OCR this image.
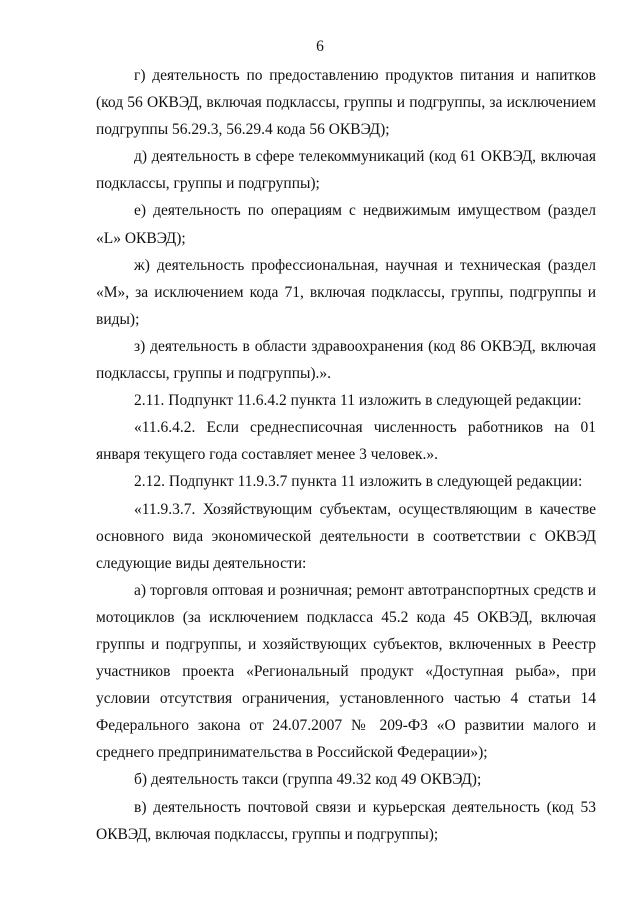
6

г) деятельность по предоставлению продуктов питания и напитков (код 56 ОКВЭД, включая подклассы, группы и подгруппы, за исключением подгруппы 56.29.3, 56.29.4 кода 56 ОКВЭД);

д) деятельность в сфере телекоммуникаций (код 61 ОКВЭД, включая подклассы, группы и подгруппы);

е) деятельность по операциям с недвижимым имуществом (раздел «L» ОКВЭД);

ж) деятельность профессиональная, научная и техническая (раздел «М», за исключением кода 71, включая подклассы, группы, подгруппы и виды);

з) деятельность в области здравоохранения (код 86 ОКВЭД, включая подклассы, группы и подгруппы).».

2.11. Подпункт 11.6.4.2 пункта 11 изложить в следующей редакции:

«11.6.4.2. Если среднесписочная численность работников на 01 января текущего года составляет менее 3 человек.».

2.12. Подпункт 11.9.3.7 пункта 11 изложить в следующей редакции:

«11.9.3.7. Хозяйствующим субъектам, осуществляющим в качестве основного вида экономической деятельности в соответствии с ОКВЭД следующие виды деятельности:

а) торговля оптовая и розничная; ремонт автотранспортных средств и мотоциклов (за исключением подкласса 45.2 кода 45 ОКВЭД, включая группы и подгруппы, и хозяйствующих субъектов, включенных в Реестр участников проекта «Региональный продукт «Доступная рыба», при условии отсутствия ограничения, установленного частью 4 статьи 14 Федерального закона от 24.07.2007 № 209-ФЗ «О развитии малого и среднего предпринимательства в Российской Федерации»);

б) деятельность такси (группа 49.32 код 49 ОКВЭД);

в) деятельность почтовой связи и курьерская деятельность (код 53 ОКВЭД, включая подклассы, группы и подгруппы);
